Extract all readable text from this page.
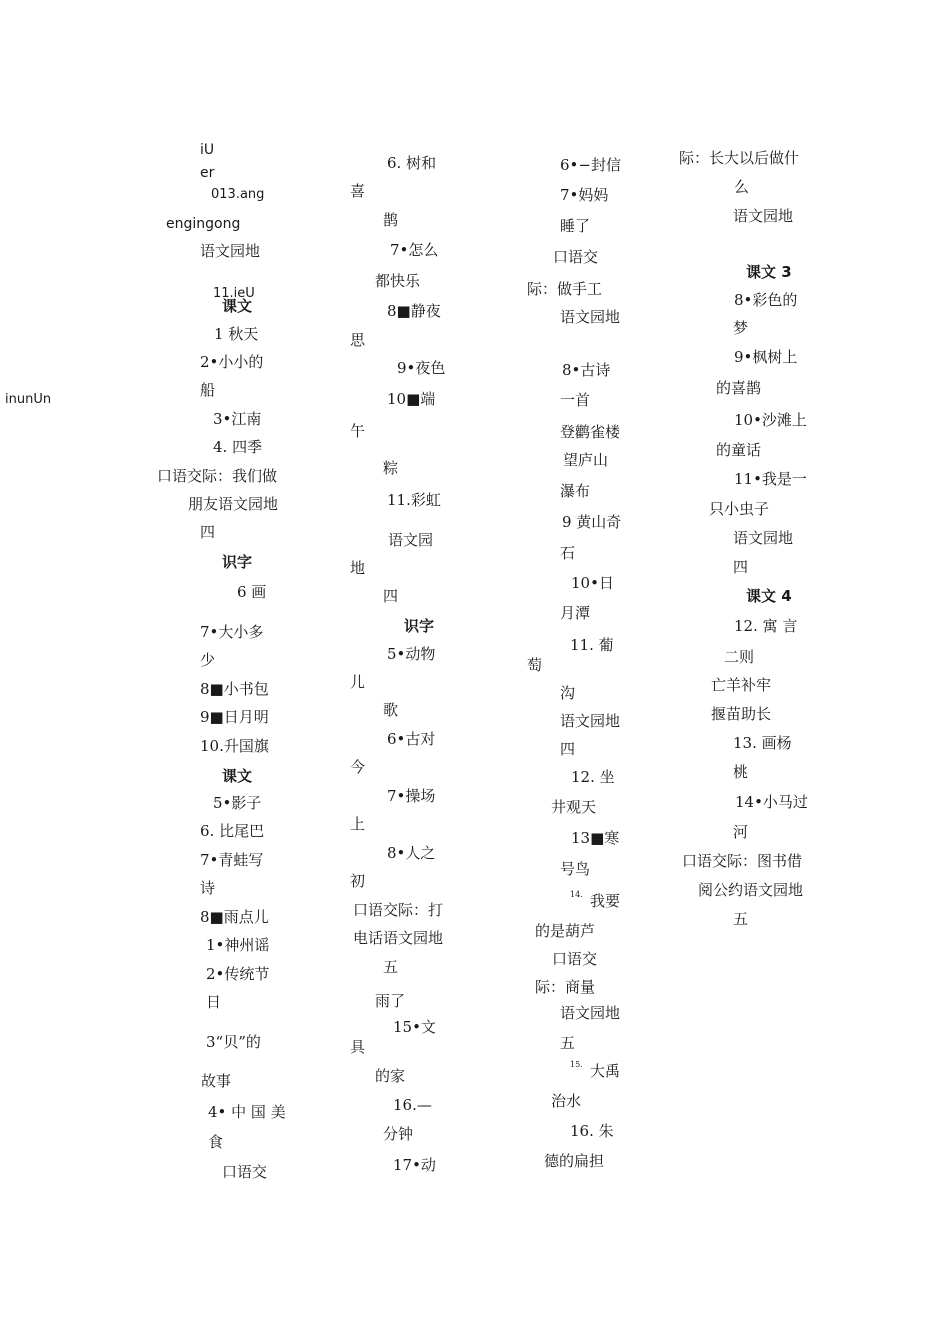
iU
er
013.ang
engingong
语文园地
11.ieU
课文
1 秋天
2•小小的
inunUn
船
3•江南
4. 四季
口语交际：我们做
朋友语文园地
四
识字
6 画
7•大小多
少
8■小书包
9■日月明
10.升国旗
课文
5•影子
6. 比尾巴
7•青蛙写
诗
8■雨点儿
1•神州谣
2•传统节
日
3“贝”的
故事
4• 中 国 美
食
口语交
6. 树和
喜
鹊
7•怎么
都快乐
8■静夜
思
9•夜色
10■端
午
粽
11.彩虹
语文园
地
四
识字
5•动物
儿
歌
6•古对
今
7•操场
上
8•人之
初
口语交际：打
电话语文园地
五
雨了
15•文
具
的家
16.—
分钟
17•动
6•−封信
7•妈妈
睡了
口语交
际：做手工
语文园地
8•古诗
一首
登鹳雀楼
望庐山
瀑布
9 黄山奇
石
10•日
月潭
11. 葡
萄
沟
语文园地
四
12. 坐
井观天
13■寒
号鸟
我要
14.
的是葫芦
口语交
际：商量
语文园地
五
大禹
15.
治水
16. 朱
德的扁担
际：长大以后做什
么
语文园地
课文 3
8•彩色的
梦
9•枫树上
的喜鹊
10•沙滩上
的童话
11•我是一
只小虫子
语文园地
四
课文 4
12. 寓 言
二则
亡羊补牢
揠苗助长
13. 画杨
桃
14•小马过
河
口语交际：图书借
阅公约语文园地
五
